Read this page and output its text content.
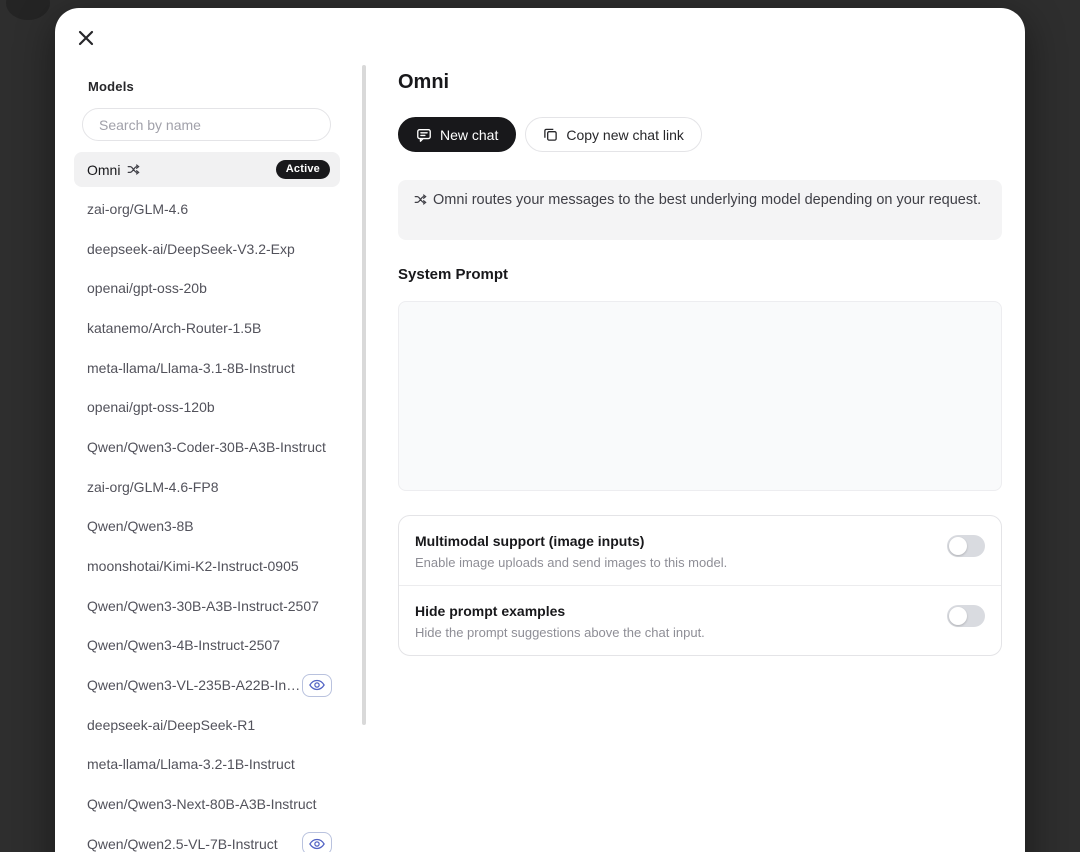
Models
Search by name
Omni	Active
zai-org/GLM-4.6
deepseek-ai/DeepSeek-V3.2-Exp
openai/gpt-oss-20b
katanemo/Arch-Router-1.5B
meta-llama/Llama-3.1-8B-Instruct
openai/gpt-oss-120b
Qwen/Qwen3-Coder-30B-A3B-Instruct
zai-org/GLM-4.6-FP8
Qwen/Qwen3-8B
moonshotai/Kimi-K2-Instruct-0905
Qwen/Qwen3-30B-A3B-Instruct-2507
Qwen/Qwen3-4B-Instruct-2507
Qwen/Qwen3-VL-235B-A22B-In…
deepseek-ai/DeepSeek-R1
meta-llama/Llama-3.2-1B-Instruct
Qwen/Qwen3-Next-80B-A3B-Instruct
Qwen/Qwen2.5-VL-7B-Instruct
Omni
New chat	Copy new chat link
Omni routes your messages to the best underlying model depending on your request.
System Prompt
Multimodal support (image inputs)
Enable image uploads and send images to this model.
Hide prompt examples
Hide the prompt suggestions above the chat input.
